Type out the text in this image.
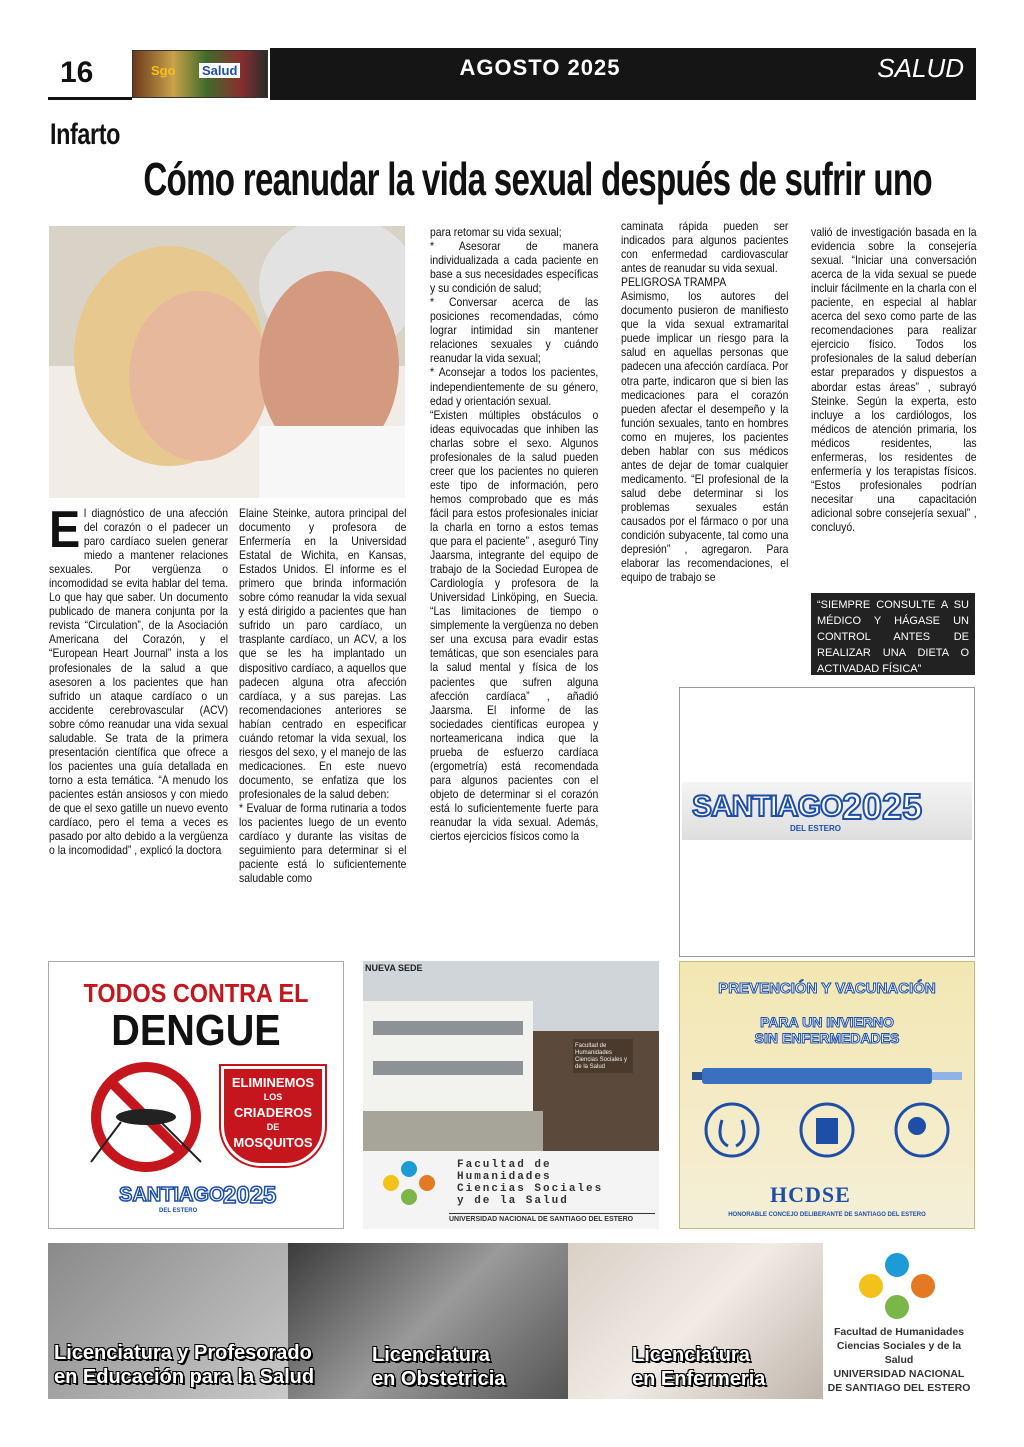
16	Sgo Salud	AGOSTO 2025	SALUD
Infarto
Cómo reanudar la vida sexual después de sufrir uno
E l diagnóstico de una afección del corazón o el padecer un paro cardíaco suelen generar miedo a mantener relaciones sexuales. Por vergüenza o incomodidad se evita hablar del tema. Lo que hay que saber. Un documento publicado de manera conjunta por la revista “Circulation”, de la Asociación Americana del Corazón, y el “European Heart Journal” insta a los profesionales de la salud a que asesoren a los pacientes que han sufrido un ataque cardíaco o un accidente cerebrovascular (ACV) sobre cómo reanudar una vida sexual saludable. Se trata de la primera presentación científica que ofrece a los pacientes una guía detallada en torno a esta temática. “A menudo los pacientes están ansiosos y con miedo de que el sexo gatille un nuevo evento cardíaco, pero el tema a veces es pasado por alto debido a la vergüenza o la incomodidad” , explicó la doctora

Elaine Steinke, autora principal del documento y profesora de Enfermería en la Universidad Estatal de Wichita, en Kansas, Estados Unidos. El informe es el primero que brinda información sobre cómo reanudar la vida sexual y está dirigido a pacientes que han sufrido un paro cardíaco, un trasplante cardíaco, un ACV, a los que se les ha implantado un dispositivo cardíaco, a aquellos que padecen alguna otra afección cardíaca, y a sus parejas. Las recomendaciones anteriores se habían centrado en especificar cuándo retomar la vida sexual, los riesgos del sexo, y el manejo de las medicaciones. En este nuevo documento, se enfatiza que los profesionales de la salud deben:

* Evaluar de forma rutinaria a todos los pacientes luego de un evento cardíaco y durante las visitas de seguimiento para determinar si el paciente está lo suficientemente saludable como

para retomar su vida sexual;

* Asesorar de manera individualizada a cada paciente en base a sus necesidades específicas y su condición de salud;

* Conversar acerca de las posiciones recomendadas, cómo lograr intimidad sin mantener relaciones sexuales y cuándo reanudar la vida sexual;

* Aconsejar a todos los pacientes, independientemente de su género, edad y orientación sexual.

“Existen múltiples obstáculos o ideas equivocadas que inhiben las charlas sobre el sexo. Algunos profesionales de la salud pueden creer que los pacientes no quieren este tipo de información, pero hemos comprobado que es más fácil para estos profesionales iniciar la charla en torno a estos temas que para el paciente” , aseguró Tiny Jaarsma, integrante del equipo de trabajo de la Sociedad Europea de Cardiología y profesora de la Universidad Linköping, en Suecia. “Las limitaciones de tiempo o simplemente la vergüenza no deben ser una excusa para evadir estas temáticas, que son esenciales para la salud mental y física de los pacientes que sufren alguna afección cardíaca” , añadió Jaarsma. El informe de las sociedades científicas europea y norteamericana indica que la prueba de esfuerzo cardíaca (ergometría) está recomendada para algunos pacientes con el objeto de determinar si el corazón está lo suficientemente fuerte para reanudar la vida sexual. Además, ciertos ejercicios físicos como la

caminata rápida pueden ser indicados para algunos pacientes con enfermedad cardiovascular antes de reanudar su vida sexual.

PELIGROSA TRAMPA

Asimismo, los autores del documento pusieron de manifiesto que la vida sexual extramarital puede implicar un riesgo para la salud en aquellas personas que padecen una afección cardíaca. Por otra parte, indicaron que si bien las medicaciones para el corazón pueden afectar el desempeño y la función sexuales, tanto en hombres como en mujeres, los pacientes deben hablar con sus médicos antes de dejar de tomar cualquier medicamento. “El profesional de la salud debe determinar si los problemas sexuales están causados por el fármaco o por una condición subyacente, tal como una depresión” , agregaron. Para elaborar las recomendaciones, el equipo de trabajo se

valió de investigación basada en la evidencia sobre la consejería sexual. “Iniciar una conversación acerca de la vida sexual se puede incluir fácilmente en la charla con el paciente, en especial al hablar acerca del sexo como parte de las recomendaciones para realizar ejercicio físico. Todos los profesionales de la salud deberían estar preparados y dispuestos a abordar estas áreas” , subrayó Steinke. Según la experta, esto incluye a los cardiólogos, los médicos de atención primaria, los médicos residentes, las enfermeras, los residentes de enfermería y los terapistas físicos. “Estos profesionales podrían necesitar una capacitación adicional sobre consejería sexual” , concluyó.

“SIEMPRE CONSULTE A SU MÉDICO Y HÁGASE UN CONTROL ANTES DE REALIZAR UNA DIETA O ACTIVADAD FÍSICA”
SANTIAGO
DEL ESTERO
2025
TODOS CONTRA EL
DENGUE
ELIMINEMOS
LOS
CRIADEROS
DE
MOSQUITOS
SANTIAGO
DEL ESTERO
2025
NUEVA SEDE
Facultad de Humanidades Ciencias Sociales y de la Salud
Facultad de
Humanidades
Ciencias Sociales
y de la Salud
UNIVERSIDAD NACIONAL DE SANTIAGO DEL ESTERO
PREVENCIÓN Y VACUNACIÓN
PARA UN INVIERNO
SIN ENFERMEDADES
HCDSE
HONORABLE CONCEJO DELIBERANTE DE SANTIAGO DEL ESTERO
Facultad de Humanidades
Ciencias Sociales y de la Salud
UNIVERSIDAD NACIONAL
DE SANTIAGO DEL ESTERO
Licenciatura y Profesorado
en Educación para la Salud
Licenciatura
en Obstetricia
Licenciatura
en Enfermeria
